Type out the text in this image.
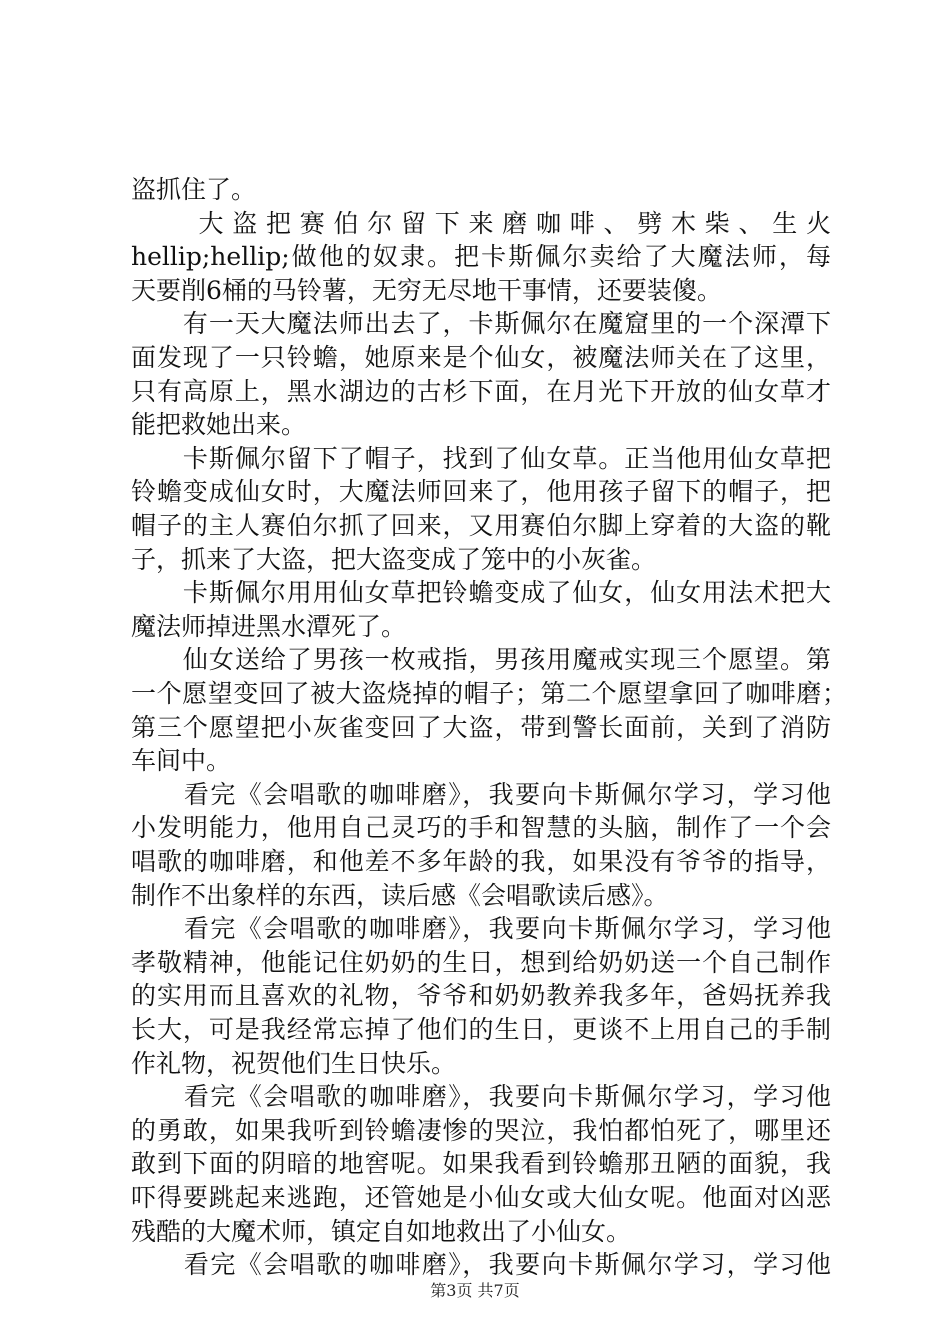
盗抓住了。
　　大盗把赛伯尔留下来磨咖啡、劈木柴、生火
hellip;hellip;做他的奴隶。把卡斯佩尔卖给了大魔法师，每
天要削6桶的马铃薯，无穷无尽地干事情，还要装傻。
　　有一天大魔法师出去了，卡斯佩尔在魔窟里的一个深潭下
面发现了一只铃蟾，她原来是个仙女，被魔法师关在了这里，
只有高原上，黑水湖边的古杉下面，在月光下开放的仙女草才
能把救她出来。
　　卡斯佩尔留下了帽子，找到了仙女草。正当他用仙女草把
铃蟾变成仙女时，大魔法师回来了，他用孩子留下的帽子，把
帽子的主人赛伯尔抓了回来，又用赛伯尔脚上穿着的大盗的靴
子，抓来了大盗，把大盗变成了笼中的小灰雀。
　　卡斯佩尔用用仙女草把铃蟾变成了仙女，仙女用法术把大
魔法师掉进黑水潭死了。
　　仙女送给了男孩一枚戒指，男孩用魔戒实现三个愿望。第
一个愿望变回了被大盗烧掉的帽子；第二个愿望拿回了咖啡磨；
第三个愿望把小灰雀变回了大盗，带到警长面前，关到了消防
车间中。
　　看完《会唱歌的咖啡磨》，我要向卡斯佩尔学习，学习他
小发明能力，他用自己灵巧的手和智慧的头脑，制作了一个会
唱歌的咖啡磨，和他差不多年龄的我，如果没有爷爷的指导，
制作不出象样的东西，读后感《会唱歌读后感》。
　　看完《会唱歌的咖啡磨》，我要向卡斯佩尔学习，学习他
孝敬精神，他能记住奶奶的生日，想到给奶奶送一个自己制作
的实用而且喜欢的礼物，爷爷和奶奶教养我多年，爸妈抚养我
长大，可是我经常忘掉了他们的生日，更谈不上用自己的手制
作礼物，祝贺他们生日快乐。
　　看完《会唱歌的咖啡磨》，我要向卡斯佩尔学习，学习他
的勇敢，如果我听到铃蟾凄惨的哭泣，我怕都怕死了，哪里还
敢到下面的阴暗的地窖呢。如果我看到铃蟾那丑陋的面貌，我
吓得要跳起来逃跑，还管她是小仙女或大仙女呢。他面对凶恶
残酷的大魔术师，镇定自如地救出了小仙女。
　　看完《会唱歌的咖啡磨》，我要向卡斯佩尔学习，学习他
第3页 共7页
